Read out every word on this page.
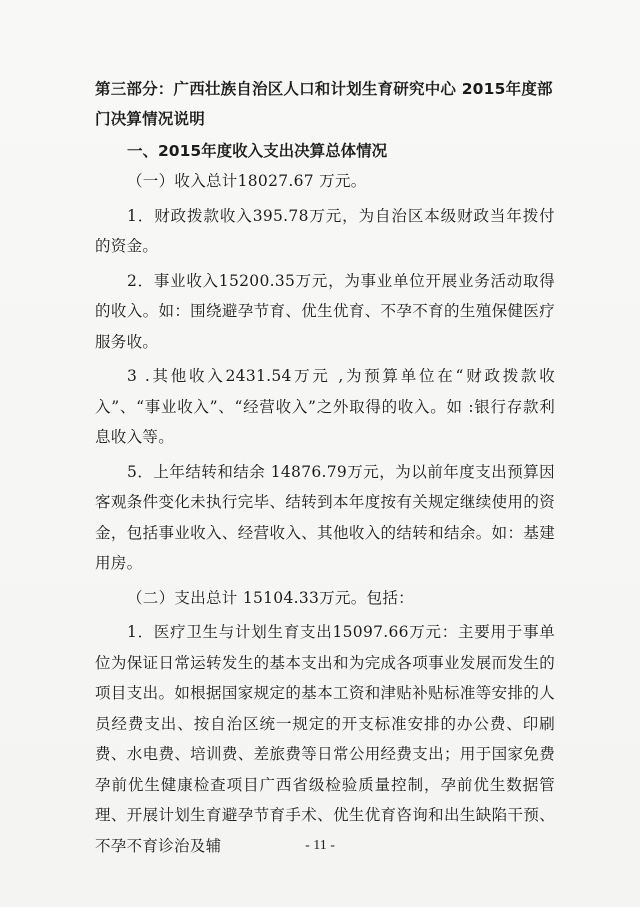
第三部分：广西壮族自治区人口和计划生育研究中心 2015年度部门决算情况说明
一、2015年度收入支出决算总体情况

（一）收入总计18027.67 万元。

1．财政拨款收入395.78万元，为自治区本级财政当年拨付的资金。

2．事业收入15200.35万元，为事业单位开展业务活动取得的收入。如：围绕避孕节育、优生优育、不孕不育的生殖保健医疗服务收。

3 .其他收入2431.54万元 ,为预算单位在“财政拨款收入”、“事业收入”、“经营收入”之外取得的收入。如 :银行存款利息收入等。

5．上年结转和结余 14876.79万元，为以前年度支出预算因客观条件变化未执行完毕、结转到本年度按有关规定继续使用的资金，包括事业收入、经营收入、其他收入的结转和结余。如：基建用房。

（二）支出总计 15104.33万元。包括：

1．医疗卫生与计划生育支出15097.66万元：主要用于事单位为保证日常运转发生的基本支出和为完成各项事业发展而发生的项目支出。如根据国家规定的基本工资和津贴补贴标准等安排的人员经费支出、按自治区统一规定的开支标准安排的办公费、印刷费、水电费、培训费、差旅费等日常公用经费支出；用于国家免费孕前优生健康检查项目广西省级检验质量控制，孕前优生数据管理、开展计划生育避孕节育手术、优生优育咨询和出生缺陷干预、不孕不育诊治及辅	- 11 -
